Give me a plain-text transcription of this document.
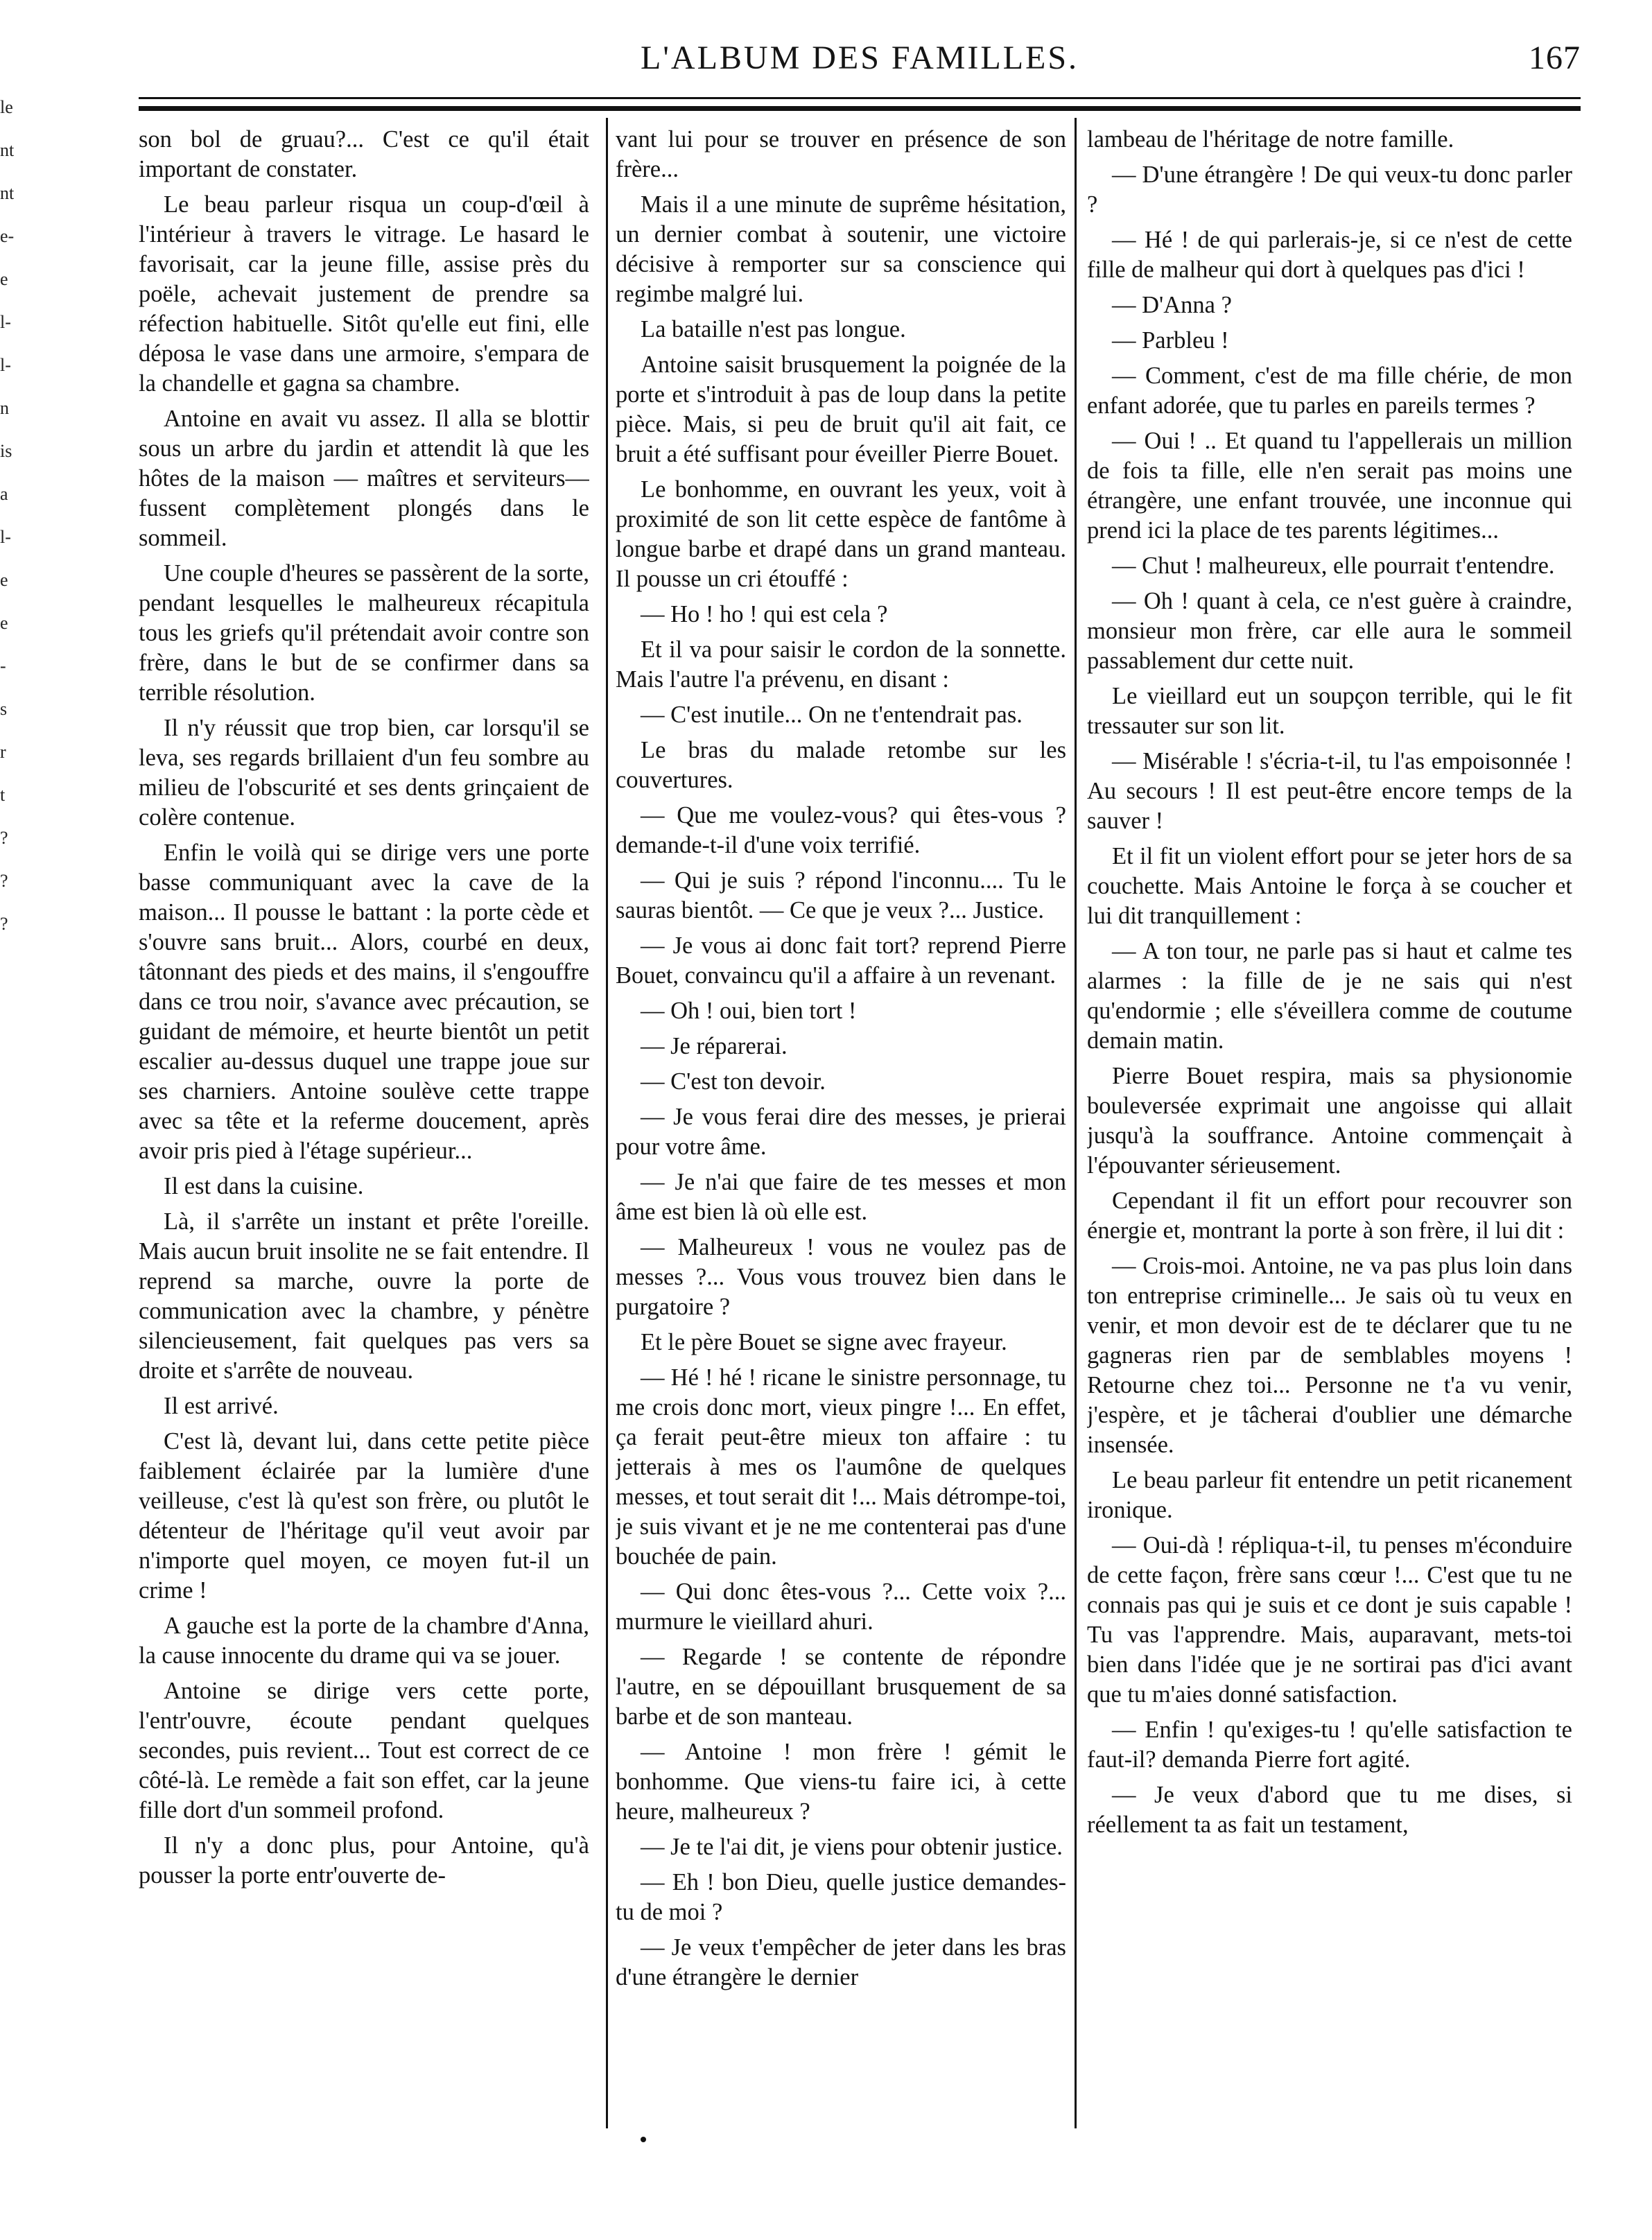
le
nt
nt
e-
e
l-
l-
n
is
a
l-
e
e
-
s
r
t
?
?
?
L'ALBUM DES FAMILLES.	167

son bol de gruau?... C'est ce qu'il était important de constater.

Le beau parleur risqua un coup-d'œil à l'intérieur à travers le vitrage. Le hasard le favorisait, car la jeune fille, assise près du poële, achevait justement de prendre sa réfection habituelle. Sitôt qu'elle eut fini, elle déposa le vase dans une armoire, s'empara de la chandelle et gagna sa chambre.

Antoine en avait vu assez. Il alla se blottir sous un arbre du jardin et attendit là que les hôtes de la maison — maîtres et serviteurs— fussent complètement plongés dans le sommeil.

Une couple d'heures se passèrent de la sorte, pendant lesquelles le malheureux récapitula tous les griefs qu'il prétendait avoir contre son frère, dans le but de se confirmer dans sa terrible résolution.

Il n'y réussit que trop bien, car lorsqu'il se leva, ses regards brillaient d'un feu sombre au milieu de l'obscurité et ses dents grinçaient de colère contenue.

Enfin le voilà qui se dirige vers une porte basse communiquant avec la cave de la maison... Il pousse le battant : la porte cède et s'ouvre sans bruit... Alors, courbé en deux, tâtonnant des pieds et des mains, il s'engouffre dans ce trou noir, s'avance avec précaution, se guidant de mémoire, et heurte bientôt un petit escalier au-dessus duquel une trappe joue sur ses charniers. Antoine soulève cette trappe avec sa tête et la referme doucement, après avoir pris pied à l'étage supérieur...

Il est dans la cuisine.

Là, il s'arrête un instant et prête l'oreille. Mais aucun bruit insolite ne se fait entendre. Il reprend sa marche, ouvre la porte de communication avec la chambre, y pénètre silencieusement, fait quelques pas vers sa droite et s'arrête de nouveau.

Il est arrivé.

C'est là, devant lui, dans cette petite pièce faiblement éclairée par la lumière d'une veilleuse, c'est là qu'est son frère, ou plutôt le détenteur de l'héritage qu'il veut avoir par n'importe quel moyen, ce moyen fut-il un crime !

A gauche est la porte de la chambre d'Anna, la cause innocente du drame qui va se jouer.

Antoine se dirige vers cette porte, l'entr'ouvre, écoute pendant quelques secondes, puis revient... Tout est correct de ce côté-là. Le remède a fait son effet, car la jeune fille dort d'un sommeil profond.

Il n'y a donc plus, pour Antoine, qu'à pousser la porte entr'ouverte de-

vant lui pour se trouver en présence de son frère...

Mais il a une minute de suprême hésitation, un dernier combat à soutenir, une victoire décisive à remporter sur sa conscience qui regimbe malgré lui.

La bataille n'est pas longue.

Antoine saisit brusquement la poignée de la porte et s'introduit à pas de loup dans la petite pièce. Mais, si peu de bruit qu'il ait fait, ce bruit a été suffisant pour éveiller Pierre Bouet.

Le bonhomme, en ouvrant les yeux, voit à proximité de son lit cette espèce de fantôme à longue barbe et drapé dans un grand manteau. Il pousse un cri étouffé :

— Ho ! ho ! qui est cela ?

Et il va pour saisir le cordon de la sonnette. Mais l'autre l'a prévenu, en disant :

— C'est inutile... On ne t'entendrait pas.

Le bras du malade retombe sur les couvertures.

— Que me voulez-vous? qui êtes-vous ? demande-t-il d'une voix terrifié.

— Qui je suis ? répond l'inconnu.... Tu le sauras bientôt. — Ce que je veux ?... Justice.

— Je vous ai donc fait tort? reprend Pierre Bouet, convaincu qu'il a affaire à un revenant.

— Oh ! oui, bien tort !

— Je réparerai.

— C'est ton devoir.

— Je vous ferai dire des messes, je prierai pour votre âme.

— Je n'ai que faire de tes messes et mon âme est bien là où elle est.

— Malheureux ! vous ne voulez pas de messes ?... Vous vous trouvez bien dans le purgatoire ?

Et le père Bouet se signe avec frayeur.

— Hé ! hé ! ricane le sinistre personnage, tu me crois donc mort, vieux pingre !... En effet, ça ferait peut-être mieux ton affaire : tu jetterais à mes os l'aumône de quelques messes, et tout serait dit !... Mais détrompe-toi, je suis vivant et je ne me contenterai pas d'une bouchée de pain.

— Qui donc êtes-vous ?... Cette voix ?... murmure le vieillard ahuri.

— Regarde ! se contente de répondre l'autre, en se dépouillant brusquement de sa barbe et de son manteau.

— Antoine ! mon frère ! gémit le bonhomme. Que viens-tu faire ici, à cette heure, malheureux ?

— Je te l'ai dit, je viens pour obtenir justice.

— Eh ! bon Dieu, quelle justice demandes-tu de moi ?

— Je veux t'empêcher de jeter dans les bras d'une étrangère le dernier

lambeau de l'héritage de notre famille.

— D'une étrangère ! De qui veux-tu donc parler ?

— Hé ! de qui parlerais-je, si ce n'est de cette fille de malheur qui dort à quelques pas d'ici !

— D'Anna ?

— Parbleu !

— Comment, c'est de ma fille chérie, de mon enfant adorée, que tu parles en pareils termes ?

— Oui ! .. Et quand tu l'appellerais un million de fois ta fille, elle n'en serait pas moins une étrangère, une enfant trouvée, une inconnue qui prend ici la place de tes parents légitimes...

— Chut ! malheureux, elle pourrait t'entendre.

— Oh ! quant à cela, ce n'est guère à craindre, monsieur mon frère, car elle aura le sommeil passablement dur cette nuit.

Le vieillard eut un soupçon terrible, qui le fit tressauter sur son lit.

— Misérable ! s'écria-t-il, tu l'as empoisonnée ! Au secours ! Il est peut-être encore temps de la sauver !

Et il fit un violent effort pour se jeter hors de sa couchette. Mais Antoine le força à se coucher et lui dit tranquillement :

— A ton tour, ne parle pas si haut et calme tes alarmes : la fille de je ne sais qui n'est qu'endormie ; elle s'éveillera comme de coutume demain matin.

Pierre Bouet respira, mais sa physionomie bouleversée exprimait une angoisse qui allait jusqu'à la souffrance. Antoine commençait à l'épouvanter sérieusement.

Cependant il fit un effort pour recouvrer son énergie et, montrant la porte à son frère, il lui dit :

— Crois-moi. Antoine, ne va pas plus loin dans ton entreprise criminelle... Je sais où tu veux en venir, et mon devoir est de te déclarer que tu ne gagneras rien par de semblables moyens ! Retourne chez toi... Personne ne t'a vu venir, j'espère, et je tâcherai d'oublier une démarche insensée.

Le beau parleur fit entendre un petit ricanement ironique.

— Oui-dà ! répliqua-t-il, tu penses m'éconduire de cette façon, frère sans cœur !... C'est que tu ne connais pas qui je suis et ce dont je suis capable ! Tu vas l'apprendre. Mais, auparavant, mets-toi bien dans l'idée que je ne sortirai pas d'ici avant que tu m'aies donné satisfaction.

— Enfin ! qu'exiges-tu ! qu'elle satisfaction te faut-il? demanda Pierre fort agité.

— Je veux d'abord que tu me dises, si réellement ta as fait un testament,
